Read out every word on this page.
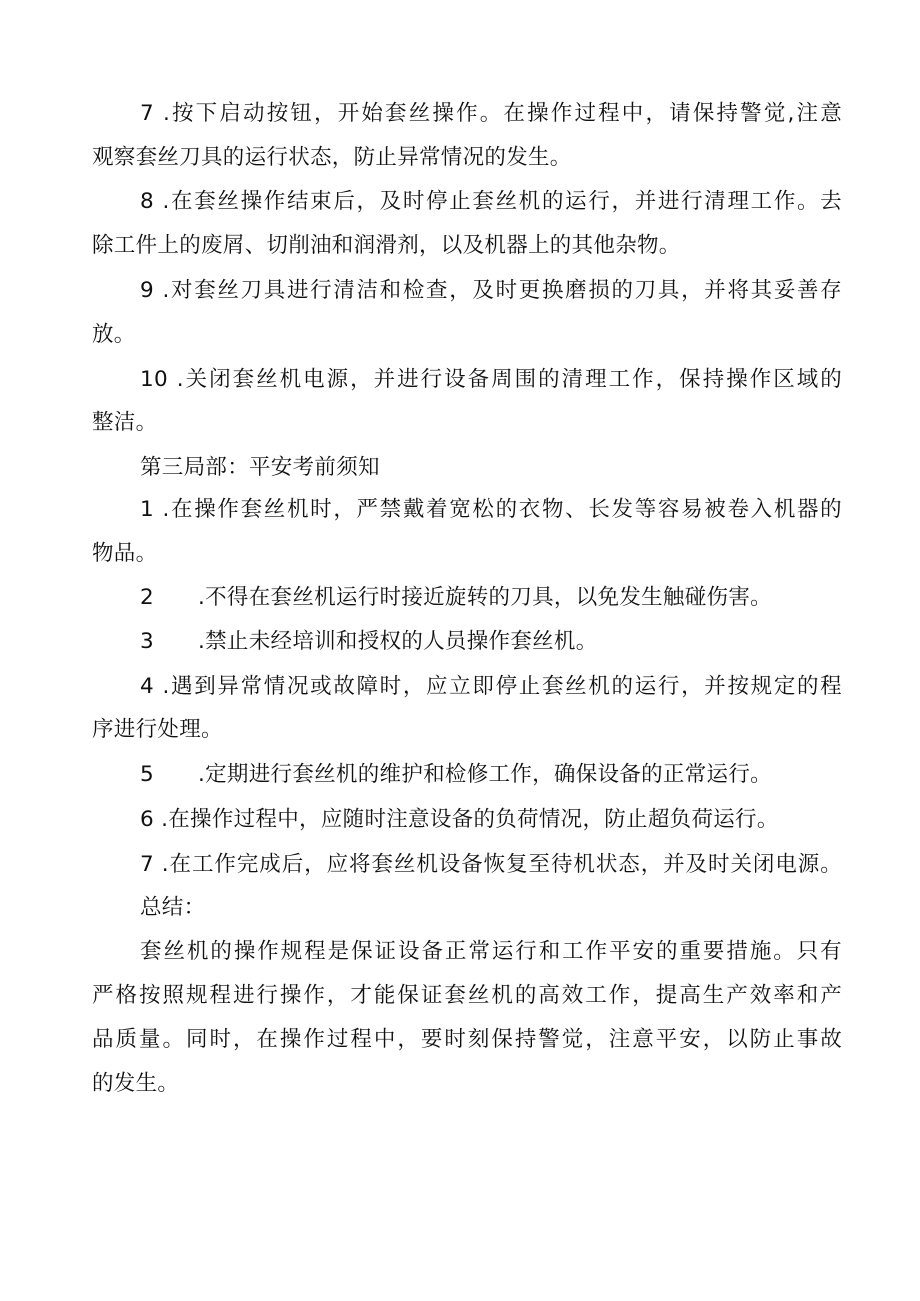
7 .按下启动按钮，开始套丝操作。在操作过程中，请保持警觉,注意
观察套丝刀具的运行状态，防止异常情况的发生。
8 .在套丝操作结束后，及时停止套丝机的运行，并进行清理工作。去
除工件上的废屑、切削油和润滑剂，以及机器上的其他杂物。
9 .对套丝刀具进行清洁和检查，及时更换磨损的刀具，并将其妥善存
放。
10 .关闭套丝机电源，并进行设备周围的清理工作，保持操作区域的
整洁。
第三局部：平安考前须知
1 .在操作套丝机时，严禁戴着宽松的衣物、长发等容易被卷入机器的
物品。
2 .不得在套丝机运行时接近旋转的刀具，以免发生触碰伤害。
3 .禁止未经培训和授权的人员操作套丝机。
4 .遇到异常情况或故障时，应立即停止套丝机的运行，并按规定的程
序进行处理。
5 .定期进行套丝机的维护和检修工作，确保设备的正常运行。
6 .在操作过程中，应随时注意设备的负荷情况，防止超负荷运行。
7 .在工作完成后，应将套丝机设备恢复至待机状态，并及时关闭电源。
总结：
套丝机的操作规程是保证设备正常运行和工作平安的重要措施。只有
严格按照规程进行操作，才能保证套丝机的高效工作，提高生产效率和产
品质量。同时，在操作过程中，要时刻保持警觉，注意平安，以防止事故
的发生。
